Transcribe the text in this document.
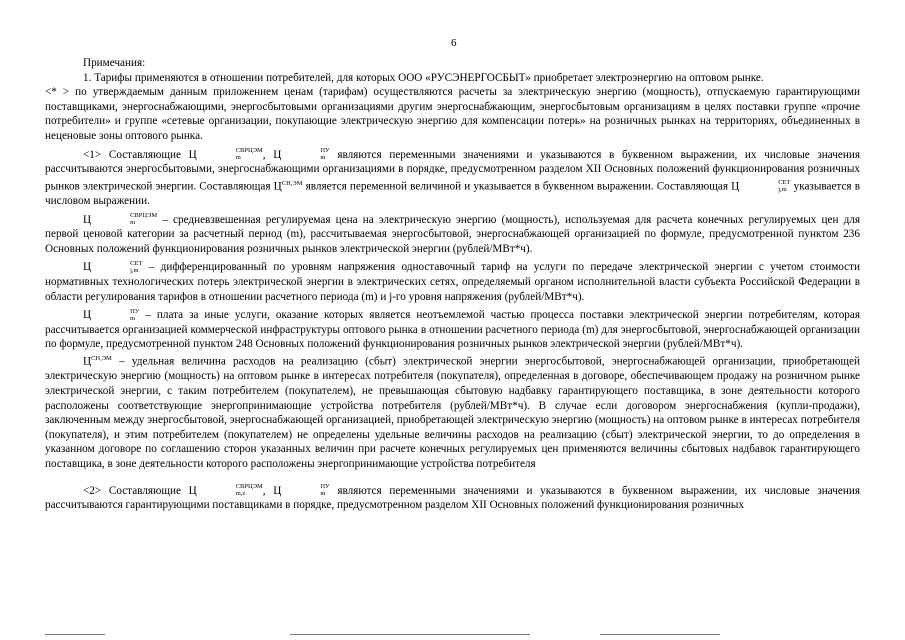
6

Примечания:

1. Тарифы применяются в отношении потребителей, для которых ООО «РУСЭНЕРГОСБЫТ» приобретает электроэнергию на оптовом рынке.

<* > по утверждаемым данным приложением ценам (тарифам) осуществляются расчеты за электрическую энергию (мощность), отпускаемую гарантирующими поставщиками, энергоснабжающими, энергосбытовыми организациями другим энергоснабжающим, энергосбытовым организациям в целях поставки группе «прочие потребители» и группе «сетевые организации, покупающие электрическую энергию для компенсации потерь» на розничных рынках на территориях, объединенных в неценовые зоны оптового рынка.

<1> Составляющие Ц	СВРЦЭМ
m	, Ц	ПУ
m являются переменными значениями и указываются в буквенном выражении, их числовые значения рассчитываются энергосбытовыми, энергоснабжающими организациями в порядке, предусмотренном разделом XII Основных положений функционирования розничных рынков электрической энергии. Составляющая $Ц^{СН,ЭМ}$ является переменной величиной и указывается в буквенном выражении. Составляющая Ц	СЕТ
j,m указывается в числовом выражении.

Ц	СВРЦЭМ
m	– средневзвешенная регулируемая цена на электрическую энергию (мощность), используемая для расчета конечных регулируемых цен для первой ценовой категории за расчетный период (m), рассчитываемая энергосбытовой, энергоснабжающей организацией по формуле, предусмотренной пунктом 236 Основных положений функционирования розничных рынков электрической энергии (рублей/МВт*ч).

Ц	СЕТ
j,m – дифференцированный по уровням напряжения одноставочный тариф на услуги по передаче электрической энергии с учетом стоимости нормативных технологических потерь электрической энергии в электрических сетях, определяемый органом исполнительной власти субъекта Российской Федерации в области регулирования тарифов в отношении расчетного периода (m) и j-го уровня напряжения (рублей/МВт*ч).

Ц	ПУ
m – плата за иные услуги, оказание которых является неотъемлемой частью процесса поставки электрической энергии потребителям, которая рассчитывается организацией коммерческой инфраструктуры оптового рынка в отношении расчетного периода (m) для энергосбытовой, энергоснабжающей организации по формуле, предусмотренной пунктом 248 Основных положений функционирования розничных рынков электрической энергии (рублей/МВт*ч).

$Ц^{СН,ЭМ}$ – удельная величина расходов на реализацию (сбыт) электрической энергии энергосбытовой, энергоснабжающей организации, приобретающей электрическую энергию (мощность) на оптовом рынке в интересах потребителя (покупателя), определенная в договоре, обеспечивающем продажу на розничном рынке электрической энергии, с таким потребителем (покупателем), не превышающая сбытовую надбавку гарантирующего поставщика, в зоне деятельности которого расположены соответствующие энергопринимающие устройства потребителя (рублей/МВт*ч). В случае если договором энергоснабжения (купли-продажи), заключенным между энергосбытовой, энергоснабжающей организацией, приобретающей электрическую энергию (мощность) на оптовом рынке в интересах потребителя (покупателя), и этим потребителем (покупателем) не определены удельные величины расходов на реализацию (сбыт) электрической энергии, то до определения в указанном договоре по соглашению сторон указанных величин при расчете конечных регулируемых цен применяются величины сбытовых надбавок гарантирующего поставщика, в зоне деятельности которого расположены энергопринимающие устройства потребителя

<2> Составляющие Ц	СВРЦЭМ
m,z	, Ц	ПУ
m являются переменными значениями и указываются в буквенном выражении, их числовые значения рассчитываются гарантирующими поставщиками в порядке, предусмотренном разделом XII Основных положений функционирования розничных
